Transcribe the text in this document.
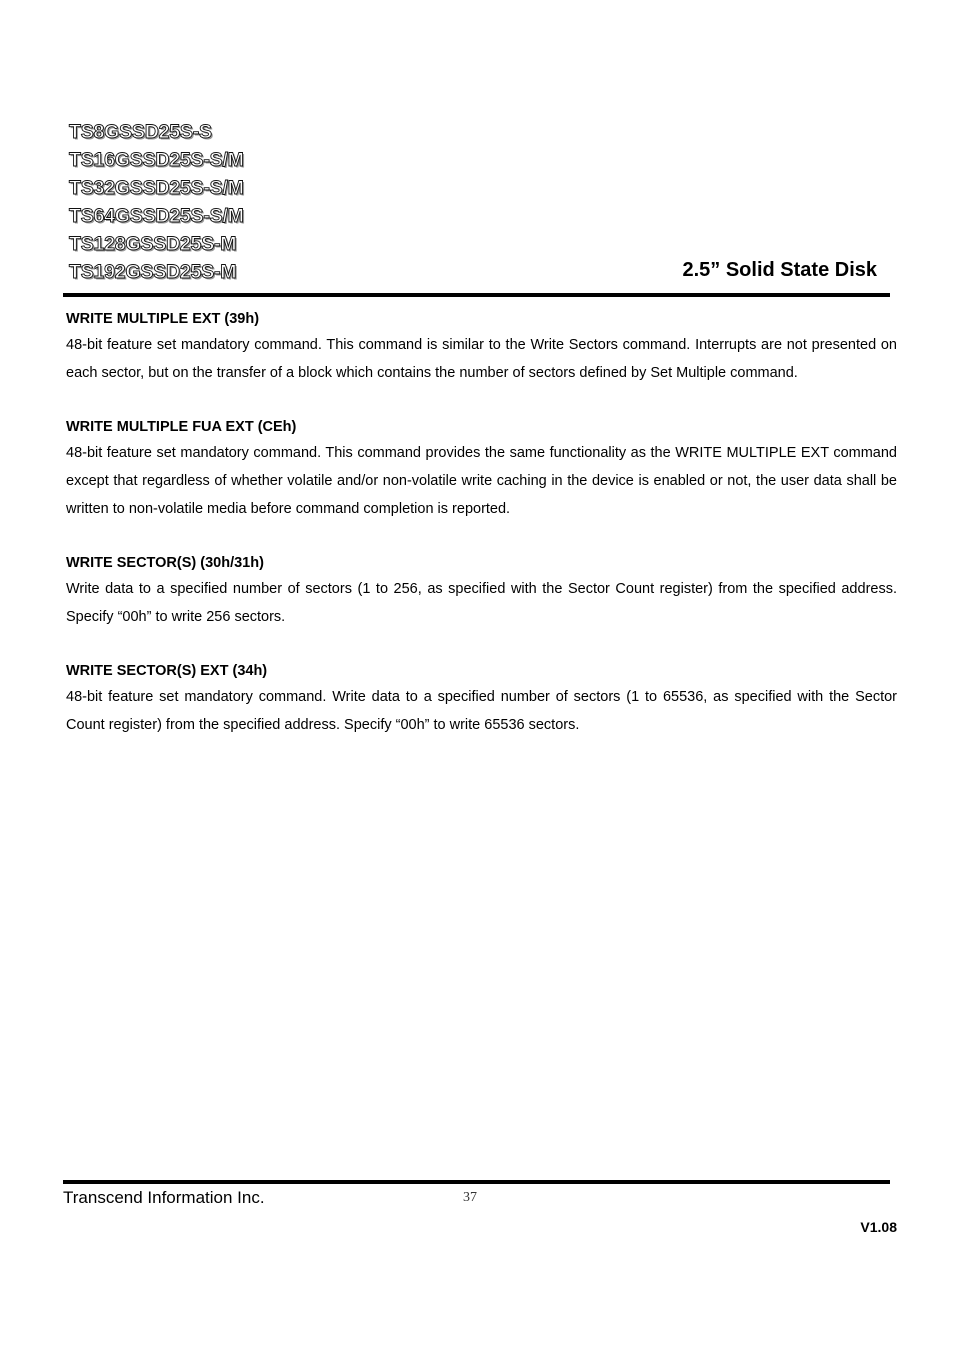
TS8GSSD25S-S
TS16GSSD25S-S/M
TS32GSSD25S-S/M
TS64GSSD25S-S/M
TS128GSSD25S-M
TS192GSSD25S-M	2.5” Solid State Disk
WRITE MULTIPLE EXT (39h)

48-bit feature set mandatory command. This command is similar to the Write Sectors command. Interrupts are not presented on each sector, but on the transfer of a block which contains the number of sectors defined by Set Multiple command.

WRITE MULTIPLE FUA EXT (CEh)

48-bit feature set mandatory command. This command provides the same functionality as the WRITE MULTIPLE EXT command except that regardless of whether volatile and/or non-volatile write caching in the device is enabled or not, the user data shall be written to non-volatile media before command completion is reported.

WRITE SECTOR(S) (30h/31h)

Write data to a specified number of sectors (1 to 256, as specified with the Sector Count register) from the specified address. Specify “00h” to write 256 sectors.

WRITE SECTOR(S) EXT (34h)

48-bit feature set mandatory command. Write data to a specified number of sectors (1 to 65536, as specified with the Sector Count register) from the specified address. Specify “00h” to write 65536 sectors.

Transcend Information Inc.	37
V1.08
